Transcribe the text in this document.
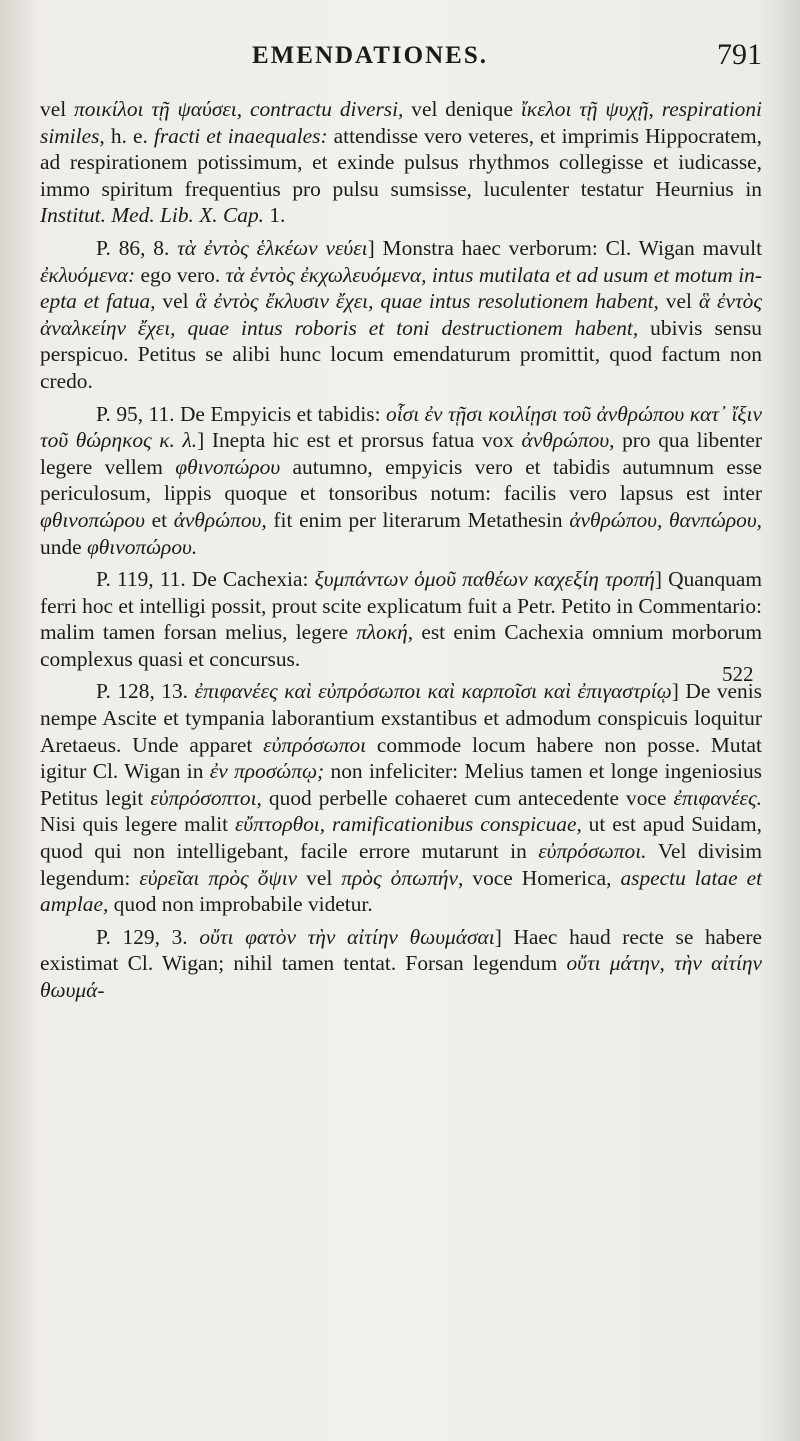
EMENDATIONES.	791

vel ποικίλοι τῇ ψαύσει, contractu diversi, vel denique ἴκελοι τῇ ψυχῇ, respirationi similes, h. e. fracti et inaequales: attendisse vero veteres, et imprimis Hippocratem, ad respirationem potissimum, et exinde pulsus rhythmos collegisse et iudicasse, immo spiritum frequentius pro pulsu sumsisse, luculenter testatur Heurnius in Institut. Med. Lib. X. Cap. 1.

P. 86, 8. τὰ ἐντὸς ἑλκέων νεύει] Monstra haec verborum: Cl. Wigan mavult ἐκλυόμενα: ego vero. τὰ ἐντὸς ἐκχωλευόμενα, intus mutilata et ad usum et motum inepta et fatua, vel ἃ ἐντὸς ἔκλυσιν ἔχει, quae intus resolutionem habent, vel ἃ ἐντὸς ἀναλκείην ἔχει, quae intus roboris et toni destructionem habent, ubivis sensu perspicuo. Petitus se alibi hunc locum emendaturum promittit, quod factum non credo.

P. 95, 11. De Empyicis et tabidis: οἷσι ἐν τῇσι κοιλίῃσι τοῦ ἀνθρώπου κατ᾽ ἴξιν τοῦ θώρηκος κ. λ.] Inepta hic est et prorsus fatua vox ἀνθρώπου, pro qua libenter legere vellem φθινοπώρου autumno, empyicis vero et tabidis autumnum esse periculosum, lippis quoque et tonsoribus notum: facilis vero lapsus est inter φθινοπώρου et ἀνθρώπου, fit enim per literarum Metathesin ἀνθρώπου, θανπώρου, unde φθινοπώρου.

P. 119, 11. De Cachexia: ξυμπάντων ὁμοῦ παθέων καχεξίη τροπή] Quanquam ferri hoc et intelligi possit, prout scite explicatum fuit a Petr. Petito in Commentario: malim tamen forsan melius, legere πλοκή, est enim Cachexia omnium morborum complexus quasi et concursus.

P. 128, 13. ἐπιφανέες καὶ εὐπρόσωποι καὶ καρποῖσι καὶ ἐπιγαστρίῳ] De venis nempe Ascite et tympania laborantium exstantibus et admodum conspicuis loquitur Aretaeus. Unde apparet εὐπρόσωποι commode locum habere non posse. Mutat igitur Cl. Wigan in ἐν προσώπῳ; non infeliciter: Melius tamen et longe ingeniosius Petitus legit εὐπρόσοπτοι, quod perbelle cohaeret cum antecedente voce ἐπιφανέες. Nisi quis legere malit εὔπτορθοι, ramificationibus conspicuae, ut est apud Suidam, quod qui non intelligebant, facile errore mutarunt in εὐπρόσωποι. Vel divisim legendum: εὐρεῖαι πρὸς ὄψιν vel πρὸς ὀπωπήν, voce Homerica, aspectu latae et amplae, quod non improbabile videtur.

P. 129, 3. οὔτι φατὸν τὴν αἰτίην θωυμάσαι] Haec haud recte se habere existimat Cl. Wigan; nihil tamen tentat. Forsan legendum οὔτι μάτην, τὴν αἰτίην θωυμά-

522
